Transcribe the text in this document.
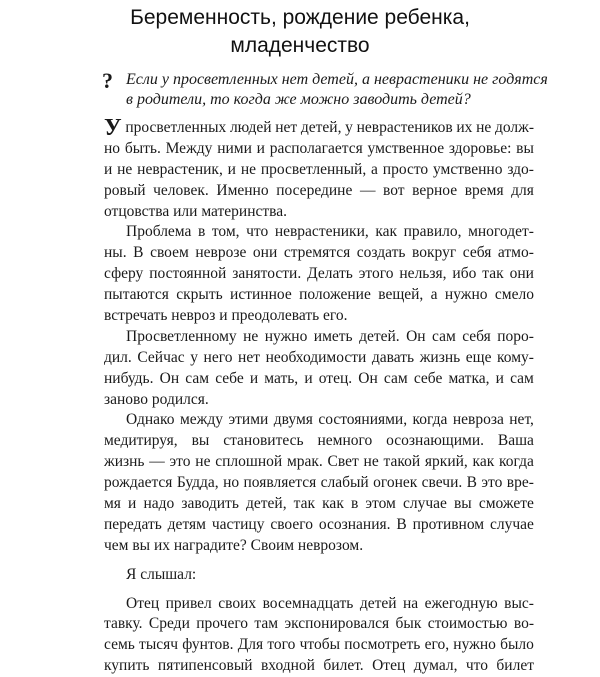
Беременность, рождение ребенка,
младенчество
? Если у просветленных нет детей, а неврастеники не годятся
в родители, то когда же можно заводить детей?
У просветленных людей нет детей, у неврастеников их не долж-
но быть. Между ними и располагается умственное здоровье: вы
и не неврастеник, и не просветленный, а просто умственно здо-
ровый человек. Именно посередине — вот верное время для
отцовства или материнства.
Проблема в том, что неврастеники, как правило, многодет-
ны. В своем неврозе они стремятся создать вокруг себя атмо-
сферу постоянной занятости. Делать этого нельзя, ибо так они
пытаются скрыть истинное положение вещей, а нужно смело
встречать невроз и преодолевать его.
Просветленному не нужно иметь детей. Он сам себя поро-
дил. Сейчас у него нет необходимости давать жизнь еще кому-
нибудь. Он сам себе и мать, и отец. Он сам себе матка, и сам
заново родился.
Однако между этими двумя состояниями, когда невроза нет,
медитируя, вы становитесь немного осознающими. Ваша
жизнь — это не сплошной мрак. Свет не такой яркий, как когда
рождается Будда, но появляется слабый огонек свечи. В это вре-
мя и надо заводить детей, так как в этом случае вы сможете
передать детям частицу своего осознания. В противном случае
чем вы их наградите? Своим неврозом.
Я слышал:
Отец привел своих восемнадцать детей на ежегодную выс-
тавку. Среди прочего там экспонировался бык стоимостью во-
семь тысяч фунтов. Для того чтобы посмотреть его, нужно было
купить пятипенсовый входной билет. Отец думал, что билет
